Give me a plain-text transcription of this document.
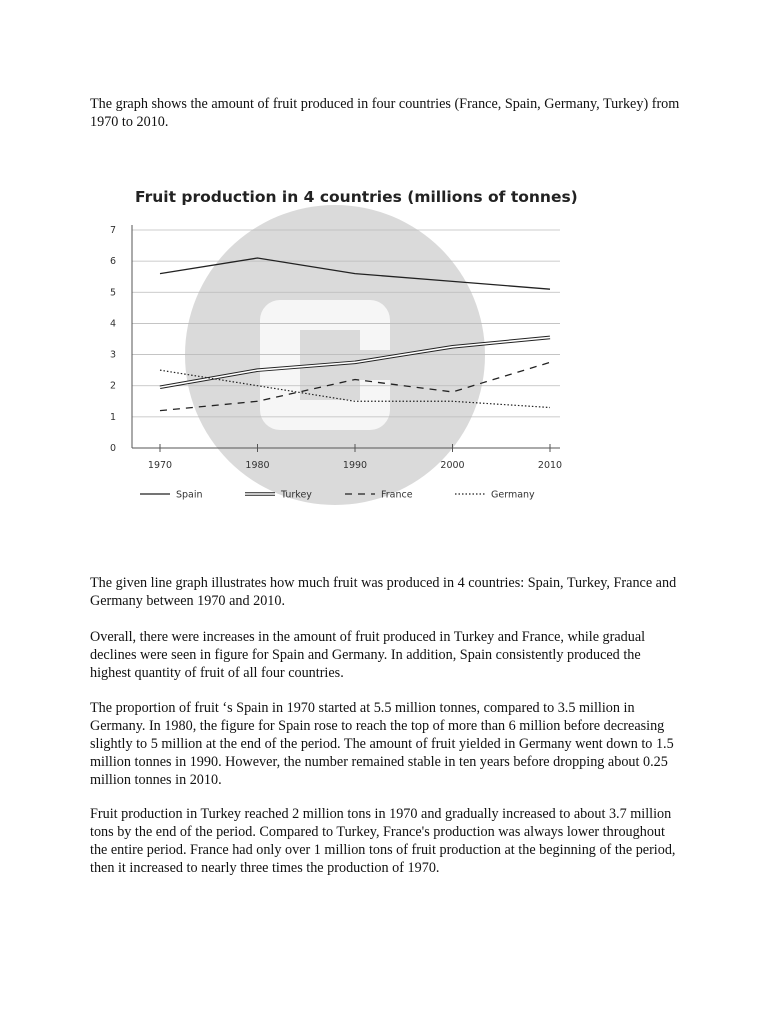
The graph shows the amount of fruit produced in four countries (France, Spain, Germany, Turkey) from 1970 to 2010.

Fruit production in 4 countries (millions of tonnes)
0
1
2
3
4
5
6
7
1970	1980	1990	2000	2010
Spain	Turkey	France	Germany

The given line graph illustrates how much fruit was produced in 4 countries: Spain, Turkey, France and Germany between 1970 and 2010.

Overall, there were increases in the amount of fruit produced in Turkey and France, while gradual declines were seen in figure for Spain and Germany. In addition, Spain consistently produced the highest quantity of fruit of all four countries.

The proportion of fruit ‘s Spain in 1970 started at 5.5 million tonnes, compared to 3.5 million in Germany. In 1980, the figure for Spain rose to reach the top of more than 6 million before decreasing slightly to 5 million at the end of the period. The amount of fruit yielded in Germany went down to 1.5 million tonnes in 1990. However, the number remained stable in ten years before dropping about 0.25 million tonnes in 2010.

Fruit production in Turkey reached 2 million tons in 1970 and gradually increased to about 3.7 million tons by the end of the period. Compared to Turkey, France's production was always lower throughout the entire period. France had only over 1 million tons of fruit production at the beginning of the period, then it increased to nearly three times the production of 1970.
